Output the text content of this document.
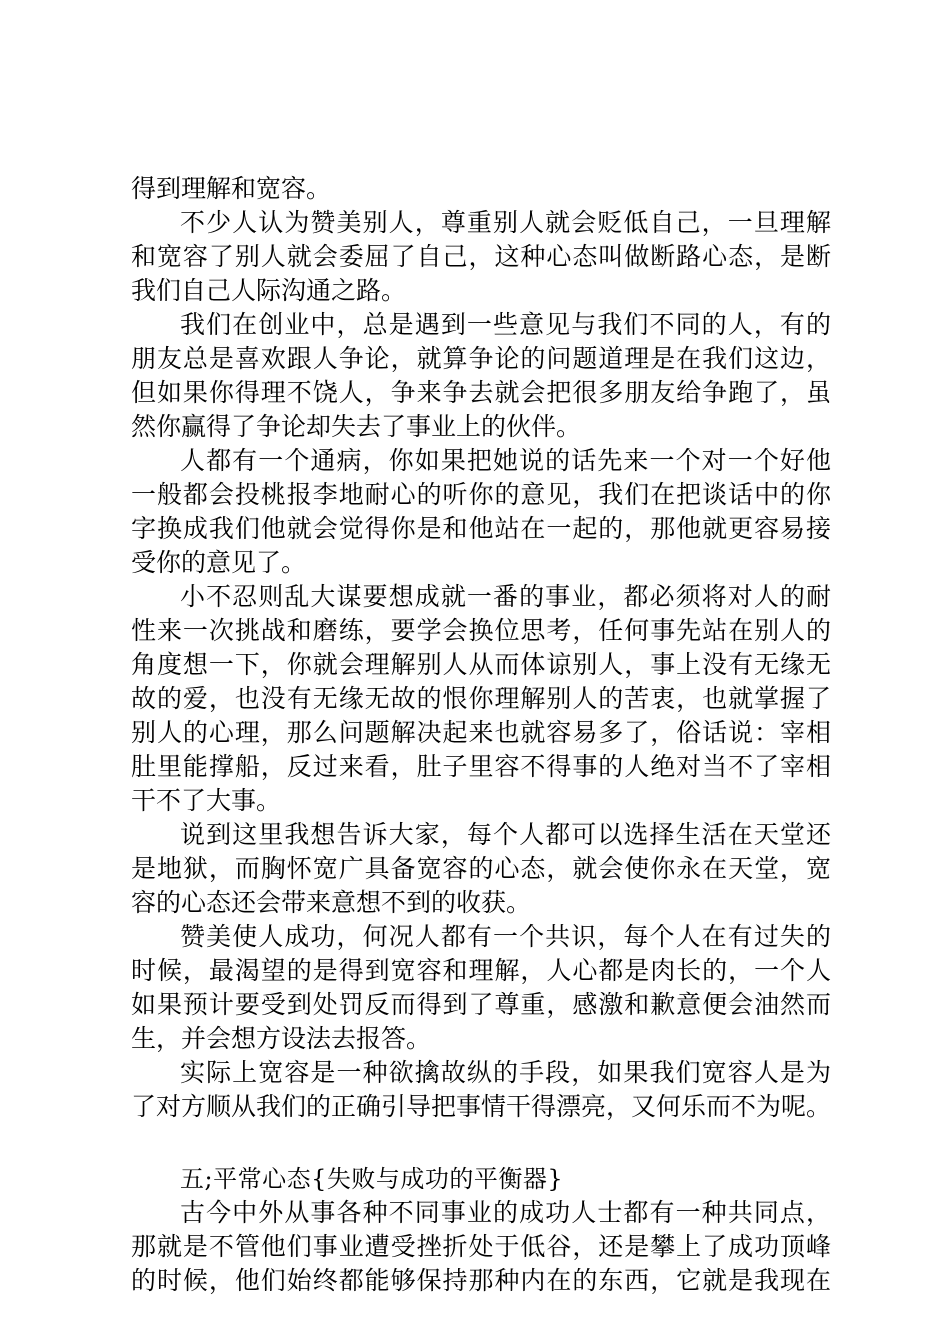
得到理解和宽容。
不少人认为赞美别人，尊重别人就会贬低自己，一旦理解
和宽容了别人就会委屈了自己，这种心态叫做断路心态，是断
我们自己人际沟通之路。
我们在创业中，总是遇到一些意见与我们不同的人，有的
朋友总是喜欢跟人争论，就算争论的问题道理是在我们这边，
但如果你得理不饶人，争来争去就会把很多朋友给争跑了，虽
然你赢得了争论却失去了事业上的伙伴。
人都有一个通病，你如果把她说的话先来一个对一个好他
一般都会投桃报李地耐心的听你的意见，我们在把谈话中的你
字换成我们他就会觉得你是和他站在一起的，那他就更容易接
受你的意见了。
小不忍则乱大谋要想成就一番的事业，都必须将对人的耐
性来一次挑战和磨练，要学会换位思考，任何事先站在别人的
角度想一下，你就会理解别人从而体谅别人，事上没有无缘无
故的爱，也没有无缘无故的恨你理解别人的苦衷，也就掌握了
别人的心理，那么问题解决起来也就容易多了，俗话说：宰相
肚里能撑船，反过来看，肚子里容不得事的人绝对当不了宰相
干不了大事。
说到这里我想告诉大家，每个人都可以选择生活在天堂还
是地狱，而胸怀宽广具备宽容的心态，就会使你永在天堂，宽
容的心态还会带来意想不到的收获。
赞美使人成功，何况人都有一个共识，每个人在有过失的
时候，最渴望的是得到宽容和理解，人心都是肉长的，一个人
如果预计要受到处罚反而得到了尊重，感激和歉意便会油然而
生，并会想方设法去报答。
实际上宽容是一种欲擒故纵的手段，如果我们宽容人是为
了对方顺从我们的正确引导把事情干得漂亮，又何乐而不为呢。
五;平常心态{失败与成功的平衡器}
古今中外从事各种不同事业的成功人士都有一种共同点，
那就是不管他们事业遭受挫折处于低谷，还是攀上了成功顶峰
的时候，他们始终都能够保持那种内在的东西，它就是我现在
